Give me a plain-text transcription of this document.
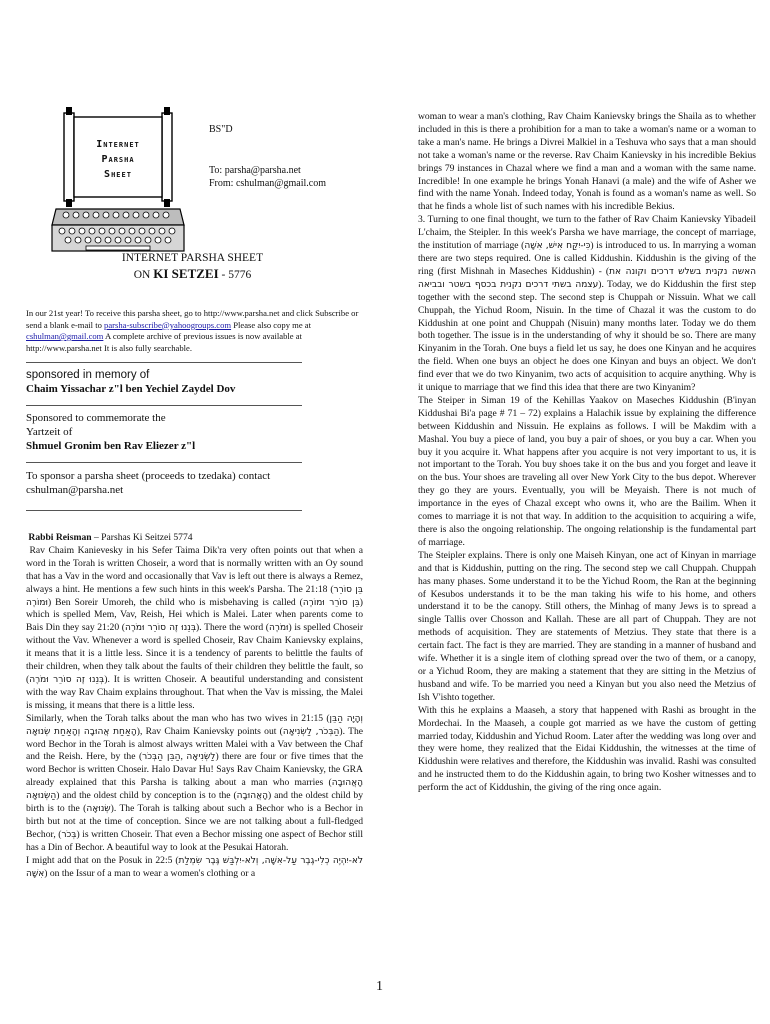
Internet
Parsha
Sheet
BS"D
To: parsha@parsha.net
From: cshulman@gmail.com
INTERNET PARSHA SHEET
ON KI SETZEI - 5776
In our 21st year! To receive this parsha sheet, go to http://www.parsha.net and click Subscribe or send a blank e-mail to parsha-subscribe@yahoogroups.com Please also copy me at cshulman@gmail.com A complete archive of previous issues is now available at http://www.parsha.net It is also fully searchable.
sponsored in memory of
Chaim Yissachar z"l ben Yechiel Zaydel Dov
Sponsored to commemorate the
Yartzeit of
Shmuel Gronim ben Rav Eliezer z"l
To sponsor a parsha sheet (proceeds to tzedaka) contact
cshulman@parsha.net

Rabbi Reisman – Parshas Ki Seitzei 5774

Rav Chaim Kanievesky in his Sefer Taima Dik'ra very often points out that when a word in the Torah is written Choseir, a word that is normally written with an Oy sound that has a Vav in the word and occasionally that Vav is left out there is always a Remez, always a hint. He mentions a few such hints in this week's Parsha. The 21:18 (בֵּן סוֹרֵר וּמוֹרֶה) Ben Soreir Umoreh, the child who is misbehaving is called (בֵּן סוֹרֵר וּמוֹרֶה) which is spelled Mem, Vav, Reish, Hei which is Malei. Later when parents come to Bais Din they say 21:20 (בְּנֵנוּ זֶה סוֹרֵר וּמֹרֶה). There the word (וּמֹרֶה) is spelled Choseir without the Vav. Whenever a word is spelled Choseir, Rav Chaim Kanievsky explains, it means that it is a little less. Since it is a tendency of parents to belittle the faults of their children, when they talk about the faults of their children they belittle the fault, so (בְּנֵנוּ זֶה סוֹרֵר וּמֹרֶה). It is written Choseir. A beautiful understanding and consistent with the way Rav Chaim explains throughout. That when the Vav is missing, the Malei is missing, it means that there is a little less.

Similarly, when the Torah talks about the man who has two wives in 21:15 (וְהָיָה הַבֵּן הָאַחַת אֲהוּבָה וְהָאַחַת שְׂנוּאָה), Rav Chaim Kanievsky points out (הַבְּכֹר, לַשְּׂנִיאָה). The word Bechor in the Torah is almost always written Malei with a Vav between the Chaf and the Reish. Here, by the (הַבֵּן הַבְּכֹר, לַשְּׂנִיאָה) there are four or five times that the word Bechor is written Choseir. Halo Davar Hu! Says Rav Chaim Kanievsky, the GRA already explained that this Parsha is talking about a man who marries (הָאֲהוּבָה הַשְּׂנוּאָה) and the oldest child by conception is to the (הָאֲהוּבָה) and the oldest child by birth is to the (שְּׂנוּאָה). The Torah is talking about such a Bechor who is a Bechor in birth but not at the time of conception. Since we are not talking about a full-fledged Bechor, (בְּכֹר) is written Choseir. That even a Bechor missing one aspect of Bechor still has a Din of Bechor. A beautiful way to look at the Pesukai Hatorah.

I might add that on the Posuk in 22:5 (לֹא-יִהְיֶה כְלִי-גֶבֶר עַל-אִשָּׁה, וְלֹא-יִלְבַּשׁ גֶּבֶר שִׂמְלַת אִשָּׁה) on the Issur of a man to wear a women's clothing or a

woman to wear a man's clothing, Rav Chaim Kanievsky brings the Shaila as to whether included in this is there a prohibition for a man to take a woman's name or a woman to take a man's name. He brings a Divrei Malkiel in a Teshuva who says that a man should not take a woman's name or the reverse. Rav Chaim Kanievsky in his incredible Bekius brings 79 instances in Chazal where we find a man and a woman with the same name. Incredible! In one example he brings Yonah Hanavi (a male) and the wife of Asher we find with the name Yonah. Indeed today, Yonah is found as a woman's name as well. So that he finds a whole list of such names with his incredible Bekius.

3. Turning to one final thought, we turn to the father of Rav Chaim Kanievsky Yibadeil L'chaim, the Steipler. In this week's Parsha we have marriage, the concept of marriage, the institution of marriage (כִּי-יִקַּח אִישׁ, אִשָּׁה) is introduced to us. In marrying a woman there are two steps required. One is called Kiddushin. Kiddushin is the giving of the ring (first Mishnah in Maseches Kiddushin) - (האשה נקנית בשלש דרכים וקונה את עצמה בשתי דרכים נקנית בכסף בשטר ובביאה). Today, we do Kiddushin the first step together with the second step. The second step is Chuppah or Nissuin. What we call Chuppah, the Yichud Room, Nisuin. In the time of Chazal it was the custom to do Kiddushin at one point and Chuppah (Nisuin) many months later. Today we do them both together. The issue is in the understanding of why it should be so. There are many Kinyanim in the Torah. One buys a field let us say, he does one Kinyan and he acquires the field. When one buys an object he does one Kinyan and buys an object. We don't find ever that we do two Kinyanim, two acts of acquisition to acquire anything. Why is it unique to marriage that we find this idea that there are two Kinyanim?

The Steiper in Siman 19 of the Kehillas Yaakov on Maseches Kiddushin (B'inyan Kiddushai Bi'a page # 71 – 72) explains a Halachik issue by explaining the difference between Kiddushin and Nissuin. He explains as follows. I will be Makdim with a Mashal. You buy a piece of land, you buy a pair of shoes, or you buy a car. When you buy it you acquire it. What happens after you acquire is not very important to us, it is not important to the Torah. You buy shoes take it on the bus and you forget and leave it on the bus. Your shoes are traveling all over New York City to the bus depot. Wherever they go they are yours. Eventually, you will be Meyaish. There is not much of importance in the eyes of Chazal except who owns it, who are the Bailim. When it comes to marriage it is not that way. In addition to the acquisition to acquiring a wife, there is also the ongoing relationship. The ongoing relationship is the fundamental part of marriage.

The Steipler explains. There is only one Maiseh Kinyan, one act of Kinyan in marriage and that is Kiddushin, putting on the ring. The second step we call Chuppah. Chuppah has many phases. Some understand it to be the Yichud Room, the Ran at the beginning of Kesubos understands it to be the man taking his wife to his home, and others understand it to be the canopy. Still others, the Minhag of many Jews is to spread a single Tallis over Chosson and Kallah. These are all part of Chuppah. They are not methods of acquisition. They are statements of Metzius. They state that there is a certain fact. The fact is they are married. They are standing in a manner of husband and wife. Whether it is a single item of clothing spread over the two of them, or a canopy, or a Yichud Room, they are making a statement that they are sitting in the Metzius of husband and wife. To be married you need a Kinyan but you also need the Metzius of Ish V'ishto together.

With this he explains a Maaseh, a story that happened with Rashi as brought in the Mordechai. In the Maaseh, a couple got married as we have the custom of getting married today, Kiddushin and Yichud Room. Later after the wedding was long over and they were home, they realized that the Eidai Kiddushin, the witnesses at the time of Kiddushin were relatives and therefore, the Kiddushin was invalid. Rashi was consulted and he instructed them to do the Kiddushin again, to bring two Kosher witnesses and to perform the act of Kiddushin, the giving of the ring once again.

1
